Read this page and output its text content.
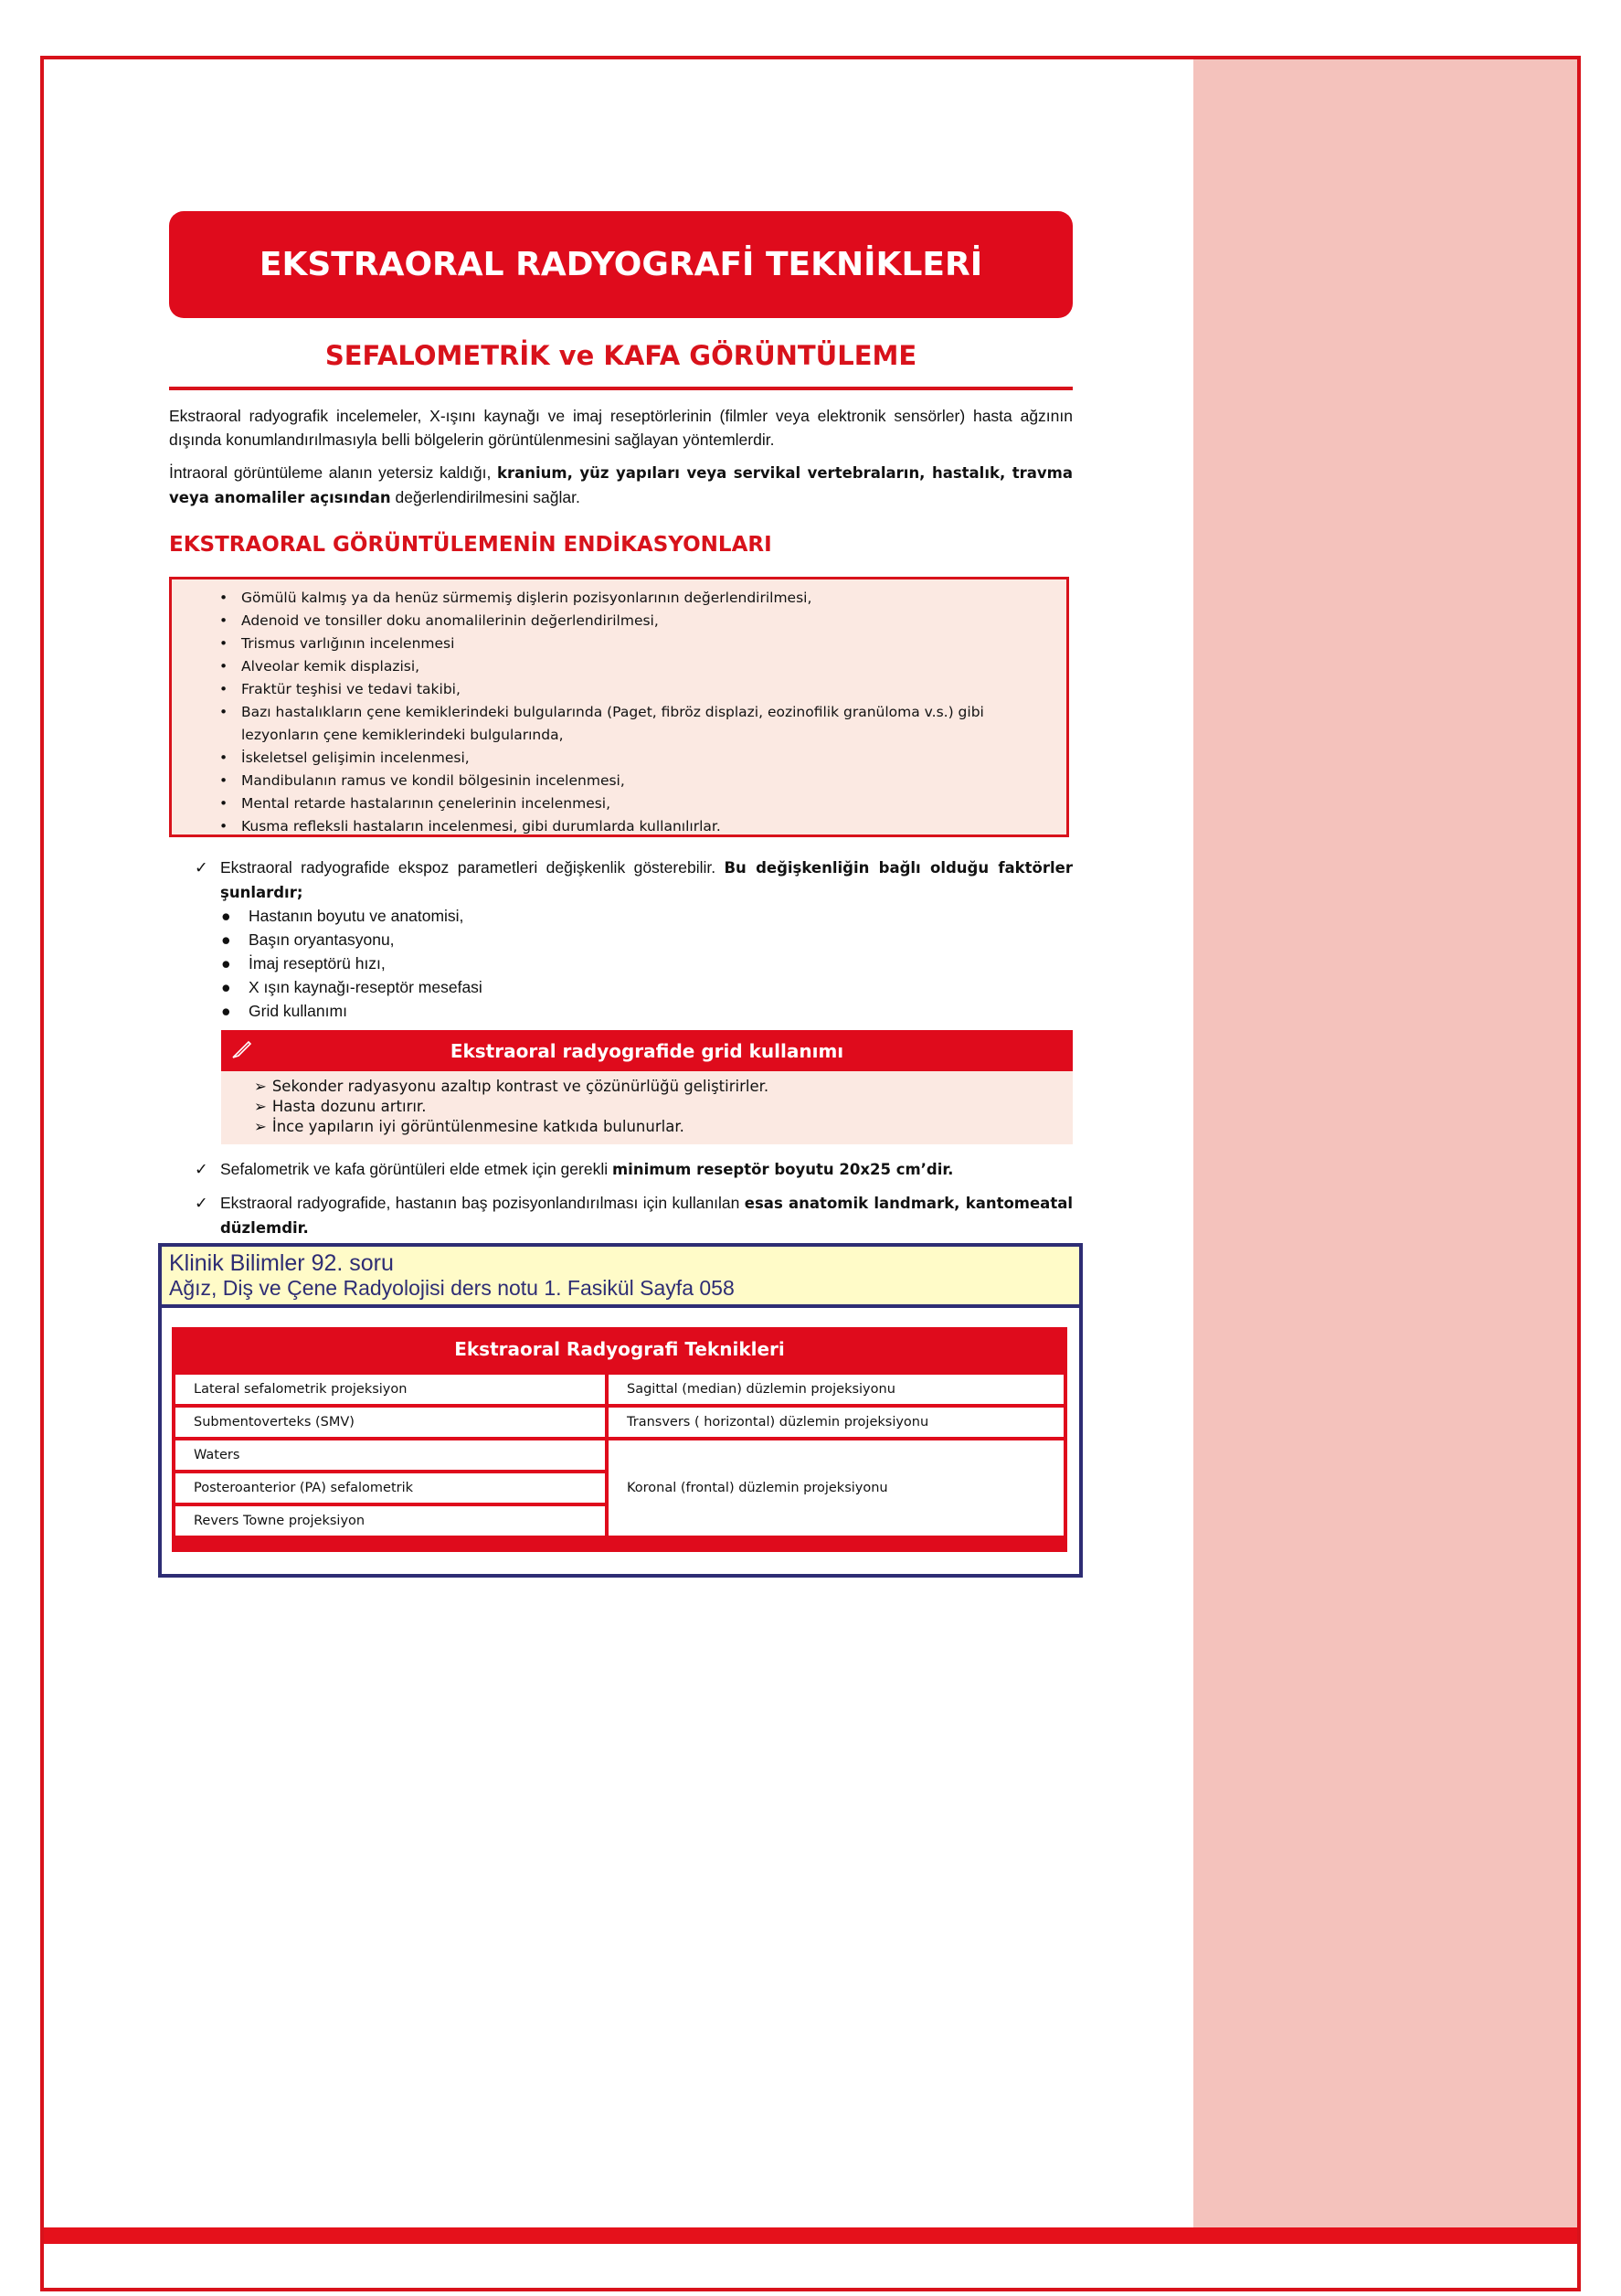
EKSTRAORAL RADYOGRAFİ TEKNİKLERİ
SEFALOMETRİK ve KAFA GÖRÜNTÜLEME
Ekstraoral radyografik incelemeler, X-ışını kaynağı ve imaj reseptörlerinin (filmler veya elektronik sensörler) hasta ağzının dışında konumlandırılmasıyla belli bölgelerin görüntülenmesini sağlayan yöntemlerdir.
İntraoral görüntüleme alanın yetersiz kaldığı, kranium, yüz yapıları veya servikal vertebraların, hastalık, travma veya anomaliler açısından değerlendirilmesini sağlar.
EKSTRAORAL GÖRÜNTÜLEMENİN ENDİKASYONLARI
• Gömülü kalmış ya da henüz sürmemiş dişlerin pozisyonlarının değerlendirilmesi,
• Adenoid ve tonsiller doku anomalilerinin değerlendirilmesi,
• Trismus varlığının incelenmesi
• Alveolar kemik displazisi,
• Fraktür teşhisi ve tedavi takibi,
• Bazı hastalıkların çene kemiklerindeki bulgularında (Paget, fibröz displazi, eozinofilik granüloma v.s.) gibi lezyonların çene kemiklerindeki bulgularında,
• İskeletsel gelişimin incelenmesi,
• Mandibulanın ramus ve kondil bölgesinin incelenmesi,
• Mental retarde hastalarının çenelerinin incelenmesi,
• Kusma refleksli hastaların incelenmesi, gibi durumlarda kullanılırlar.
✓ Ekstraoral radyografide ekspoz parametleri değişkenlik gösterebilir. Bu değişkenliğin bağlı olduğu faktörler şunlardır;
● Hastanın boyutu ve anatomisi,
● Başın oryantasyonu,
● İmaj reseptörü hızı,
● X ışın kaynağı-reseptör mesefasi
● Grid kullanımı
Ekstraoral radyografide grid kullanımı
➢ Sekonder radyasyonu azaltıp kontrast ve çözünürlüğü geliştirirler.
➢ Hasta dozunu artırır.
➢ İnce yapıların iyi görüntülenmesine katkıda bulunurlar.
✓ Sefalometrik ve kafa görüntüleri elde etmek için gerekli minimum reseptör boyutu 20x25 cm’dir.
✓ Ekstraoral radyografide, hastanın baş pozisyonlandırılması için kullanılan esas anatomik landmark, kantomeatal düzlemdir.
Klinik Bilimler 92. soru
Ağız, Diş ve Çene Radyolojisi ders notu 1. Fasikül Sayfa 058
Ekstraoral Radyografi Teknikleri
Lateral sefalometrik projeksiyon
Submentoverteks (SMV)
Waters
Posteroanterior (PA) sefalometrik
Revers Towne projeksiyon
Sagittal (median) düzlemin projeksiyonu
Transvers ( horizontal) düzlemin projeksiyonu
Koronal (frontal) düzlemin projeksiyonu
